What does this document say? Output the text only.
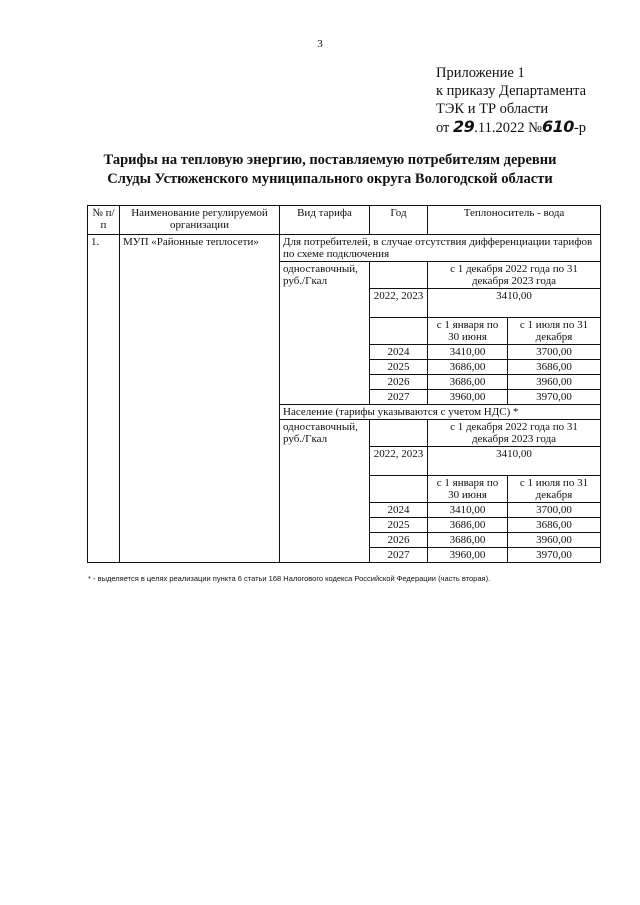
3
Приложение 1
к приказу Департамента
ТЭК и ТР области
от 29.11.2022 №610-р
Тарифы на тепловую энергию, поставляемую потребителям деревни
Слуды Устюженского муниципального округа Вологодской области
№ п/п	Наименование регулируемой организации	Вид тарифа	Год	Теплоноситель - вода	
1.	МУП «Районные теплосети»	Для потребителей, в случае отсутствия дифференциации тарифов по схеме подключения			
		одноставочный, руб./Гкал		с 1 декабря 2022 года по 31 декабря 2023 года	
			2022, 2023	3410,00	
				с 1 января по 30 июня	с 1 июля по 31 декабря
			2024	3410,00	3700,00
			2025	3686,00	3686,00
			2026	3686,00	3960,00
			2027	3960,00	3970,00
		Население (тарифы указываются с учетом НДС) *			
		одноставочный, руб./Гкал		с 1 декабря 2022 года по 31 декабря 2023 года	
			2022, 2023	3410,00	
				с 1 января по 30 июня	с 1 июля по 31 декабря
			2024	3410,00	3700,00
			2025	3686,00	3686,00
			2026	3686,00	3960,00
			2027	3960,00	3970,00
* - выделяется в целях реализации пункта 6 статьи 168 Налогового кодекса Российской Федерации (часть вторая).
